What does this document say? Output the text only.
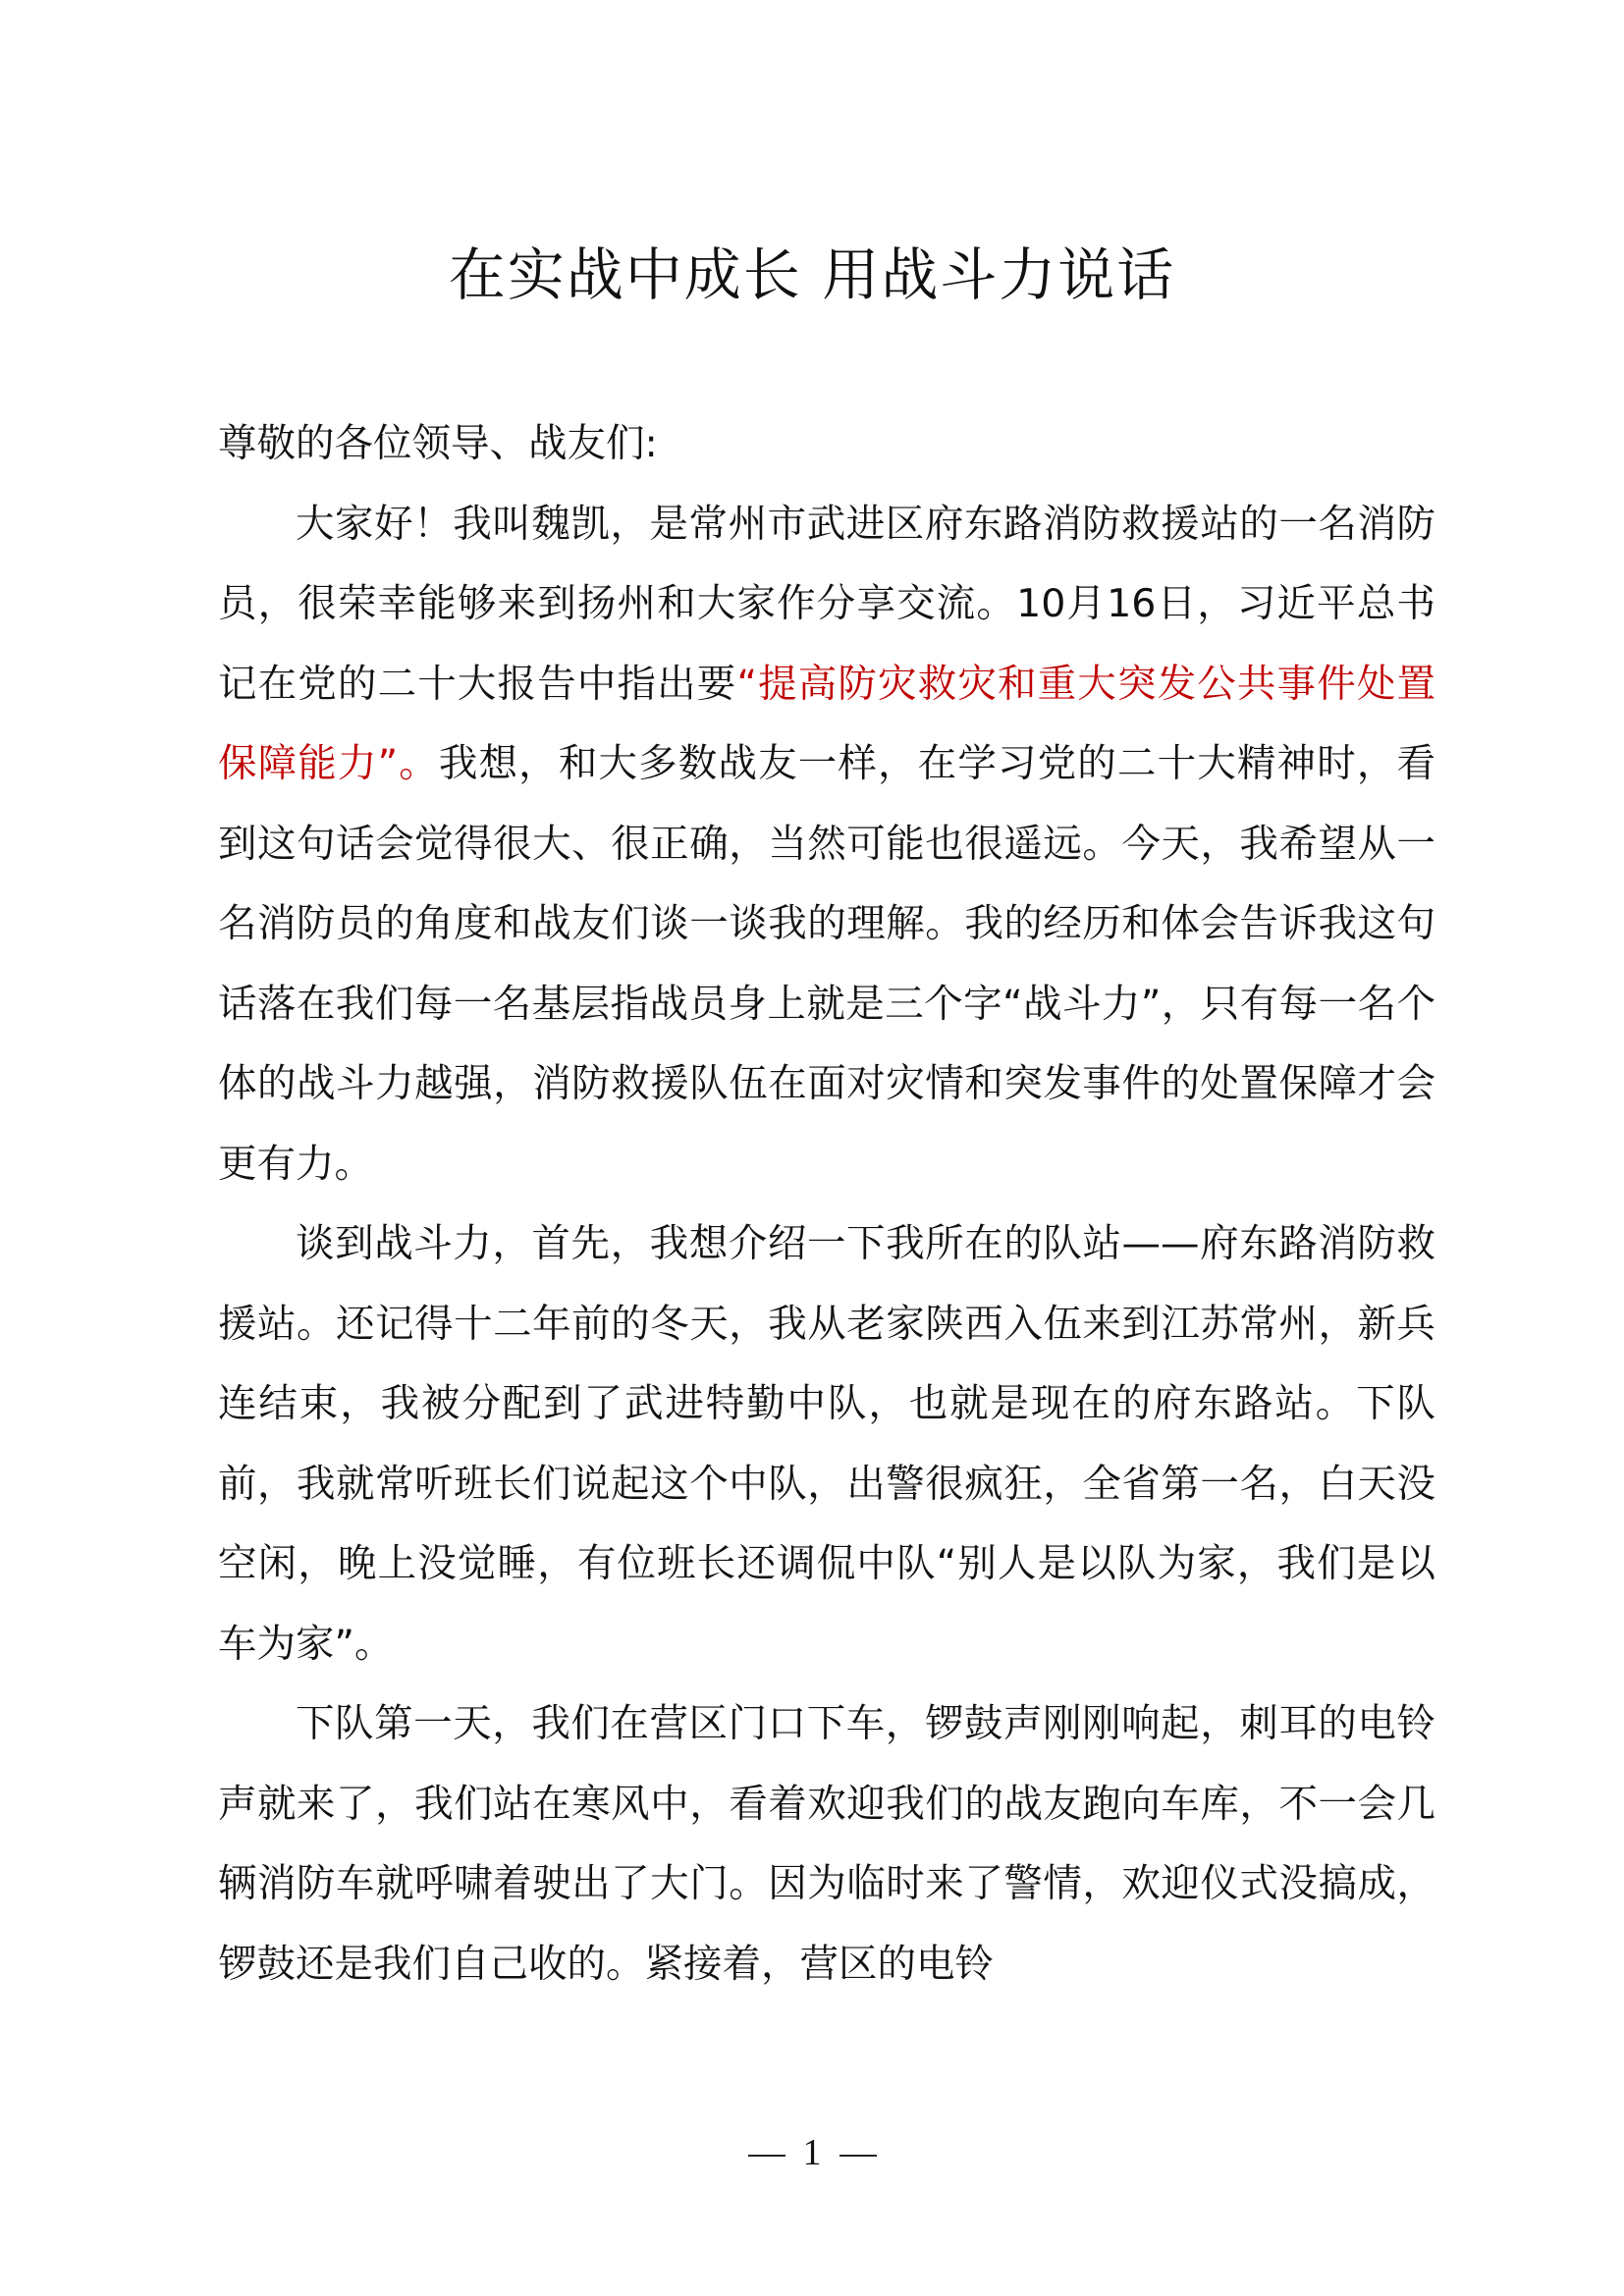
在实战中成长 用战斗力说话

尊敬的各位领导、战友们:

大家好！我叫魏凯，是常州市武进区府东路消防救援站的一名消防员，很荣幸能够来到扬州和大家作分享交流。10月16日，习近平总书记在党的二十大报告中指出要“提高防灾救灾和重大突发公共事件处置保障能力”。我想，和大多数战友一样，在学习党的二十大精神时，看到这句话会觉得很大、很正确，当然可能也很遥远。今天，我希望从一名消防员的角度和战友们谈一谈我的理解。我的经历和体会告诉我这句话落在我们每一名基层指战员身上就是三个字“战斗力”，只有每一名个体的战斗力越强，消防救援队伍在面对灾情和突发事件的处置保障才会更有力。

谈到战斗力，首先，我想介绍一下我所在的队站——府东路消防救援站。还记得十二年前的冬天，我从老家陕西入伍来到江苏常州，新兵连结束，我被分配到了武进特勤中队，也就是现在的府东路站。下队前，我就常听班长们说起这个中队，出警很疯狂，全省第一名，白天没空闲，晚上没觉睡，有位班长还调侃中队“别人是以队为家，我们是以车为家”。

下队第一天，我们在营区门口下车，锣鼓声刚刚响起，刺耳的电铃声就来了，我们站在寒风中，看着欢迎我们的战友跑向车库，不一会几辆消防车就呼啸着驶出了大门。因为临时来了警情，欢迎仪式没搞成，锣鼓还是我们自己收的。紧接着，营区的电铃

1
